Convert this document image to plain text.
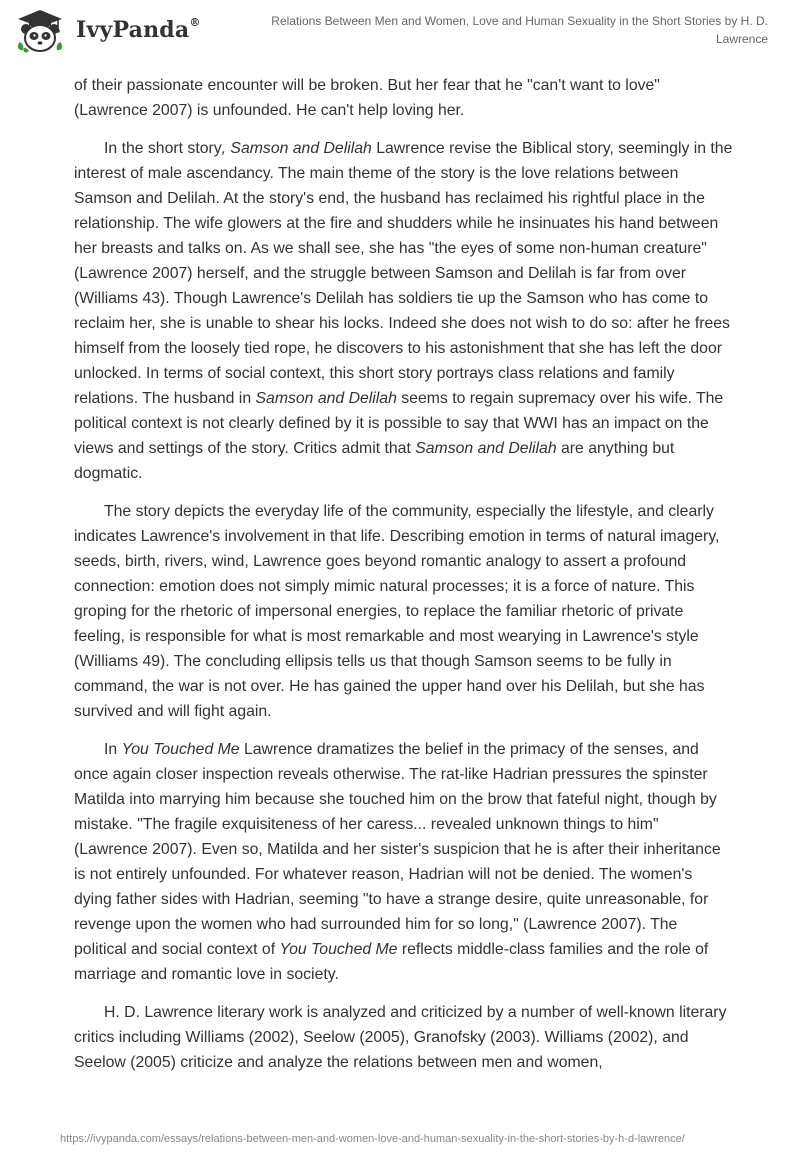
IvyPanda®	Relations Between Men and Women, Love and Human Sexuality in the Short Stories by H. D.
Lawrence

of their passionate encounter will be broken. But her fear that he "can't want to love" (Lawrence 2007) is unfounded. He can't help loving her.

In the short story, Samson and Delilah Lawrence revise the Biblical story, seemingly in the interest of male ascendancy. The main theme of the story is the love relations between Samson and Delilah. At the story's end, the husband has reclaimed his rightful place in the relationship. The wife glowers at the fire and shudders while he insinuates his hand between her breasts and talks on. As we shall see, she has "the eyes of some non-human creature" (Lawrence 2007) herself, and the struggle between Samson and Delilah is far from over (Williams 43). Though Lawrence's Delilah has soldiers tie up the Samson who has come to reclaim her, she is unable to shear his locks. Indeed she does not wish to do so: after he frees himself from the loosely tied rope, he discovers to his astonishment that she has left the door unlocked. In terms of social context, this short story portrays class relations and family relations. The husband in Samson and Delilah seems to regain supremacy over his wife. The political context is not clearly defined by it is possible to say that WWI has an impact on the views and settings of the story. Critics admit that Samson and Delilah are anything but dogmatic.

The story depicts the everyday life of the community, especially the lifestyle, and clearly indicates Lawrence's involvement in that life. Describing emotion in terms of natural imagery, seeds, birth, rivers, wind, Lawrence goes beyond romantic analogy to assert a profound connection: emotion does not simply mimic natural processes; it is a force of nature. This groping for the rhetoric of impersonal energies, to replace the familiar rhetoric of private feeling, is responsible for what is most remarkable and most wearying in Lawrence's style (Williams 49). The concluding ellipsis tells us that though Samson seems to be fully in command, the war is not over. He has gained the upper hand over his Delilah, but she has survived and will fight again.

In You Touched Me Lawrence dramatizes the belief in the primacy of the senses, and once again closer inspection reveals otherwise. The rat-like Hadrian pressures the spinster Matilda into marrying him because she touched him on the brow that fateful night, though by mistake. "The fragile exquisiteness of her caress... revealed unknown things to him" (Lawrence 2007). Even so, Matilda and her sister's suspicion that he is after their inheritance is not entirely unfounded. For whatever reason, Hadrian will not be denied. The women's dying father sides with Hadrian, seeming "to have a strange desire, quite unreasonable, for revenge upon the women who had surrounded him for so long," (Lawrence 2007). The political and social context of You Touched Me reflects middle-class families and the role of marriage and romantic love in society.

H. D. Lawrence literary work is analyzed and criticized by a number of well-known literary critics including Williams (2002), Seelow (2005), Granofsky (2003). Williams (2002), and Seelow (2005) criticize and analyze the relations between men and women,

https://ivypanda.com/essays/relations-between-men-and-women-love-and-human-sexuality-in-the-short-stories-by-h-d-lawrence/
